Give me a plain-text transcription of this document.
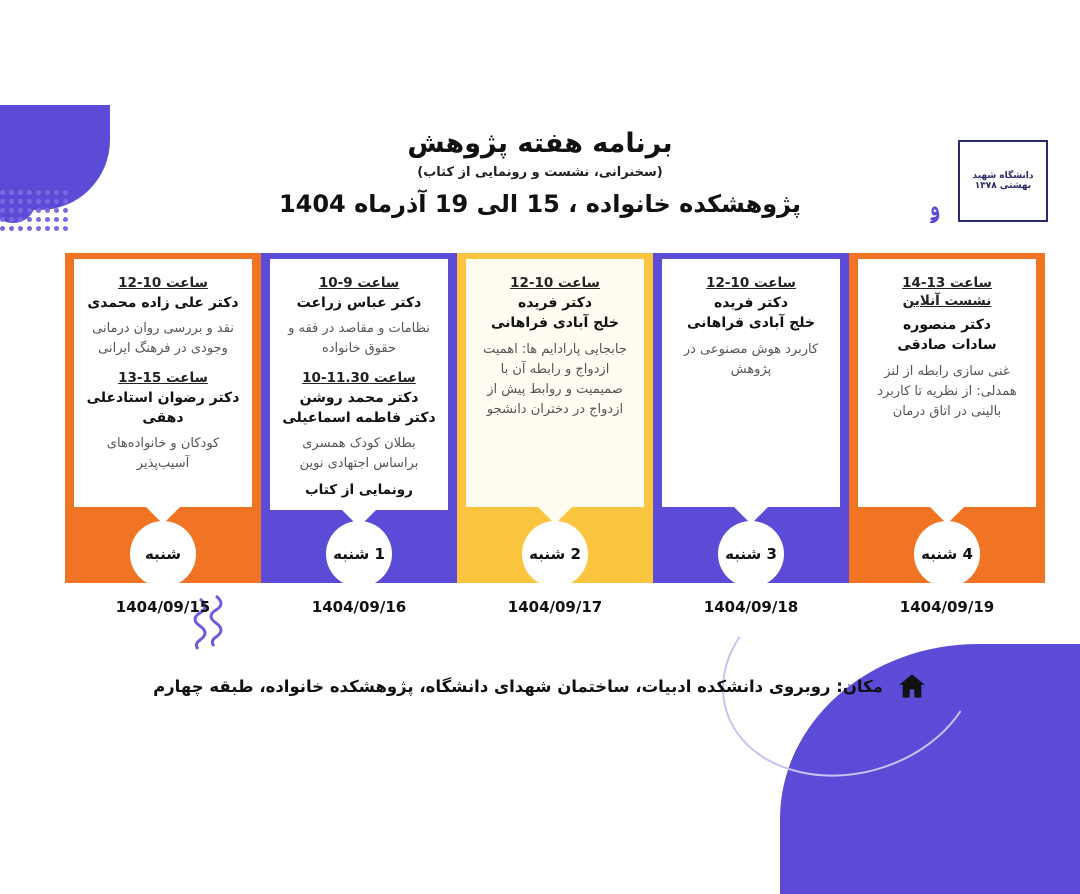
برنامه هفته پژوهش
(سخنرانی، نشست و رونمایی از کتاب)
پژوهشکده خانواده ، 15 الی 19 آذرماه 1404
دانشگاه شهید بهشتی ۱۳۷۸
ﯠ
ساعت 13-14
نشست آنلاین
دکتر منصوره
سادات صادقی
غنی سازی رابطه از لنز همدلی: از نظریه تا کاربرد بالینی در اتاق درمان
4 شنبه
1404/09/19
ساعت 10-12
دکتر فریده
خلج آبادی فراهانی
کاربرد هوش مصنوعی در پژوهش
3 شنبه
1404/09/18
ساعت 10-12
دکتر فریده
خلج آبادی فراهانی
جابجایی پارادایم ها: اهمیت ازدواج و رابطه آن با صمیمیت و روابط پیش از ازدواج در دختران دانشجو
2 شنبه
1404/09/17
ساعت 9-10
دکتر عباس زراعت
نظامات و مقاصد در فقه و حقوق خانواده
ساعت 11.30-10
دکتر محمد روشن
دکتر فاطمه اسماعیلی
بطلان کودک همسری براساس اجتهادی نوین
رونمایی از کتاب
1 شنبه
1404/09/16
ساعت 10-12
دکتر علی زاده محمدی
نقد و بررسی روان درمانی وجودی در فرهنگ ایرانی
ساعت 15-13
دکتر رضوان استادعلی دهقی
کودکان و خانواده‌های آسیب‌پذیر
شنبه
1404/09/15
مکان: روبروی دانشکده ادبیات، ساختمان شهدای دانشگاه، پژوهشکده خانواده، طبقه چهارم
